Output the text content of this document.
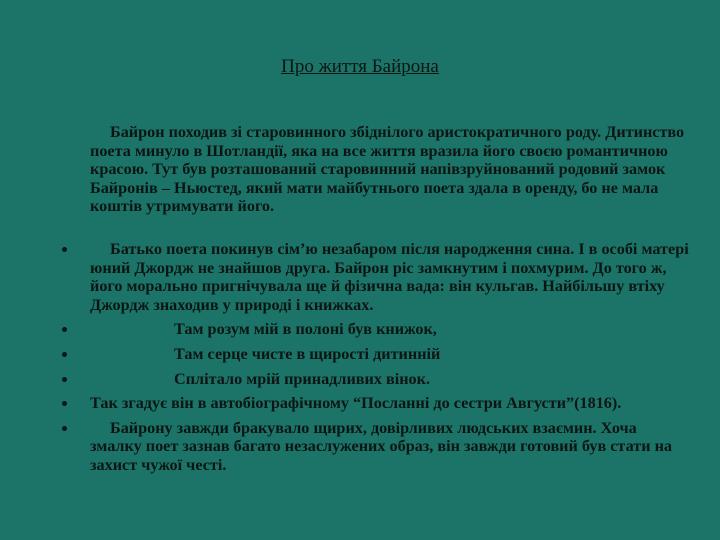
Про життя Байрона
Байрон походив зі старовинного збіднілого аристократичного роду. Дитинство поета минуло в Шотландії, яка на все життя вразила його своєю романтичною красою. Тут був розташований старовинний напівзруйнований родовий замок Байронів – Ньюстед, який мати майбутнього поета здала в оренду, бо не мала коштів утримувати його.
Батько поета покинув сім’ю незабаром після народження сина. І в особі матері юний Джордж не знайшов друга. Байрон ріс замкнутим і похмурим. До того ж, його морально пригнічувала ще й фізична вада: він кульгав. Найбільшу втіху Джордж знаходив у природі і книжках.
Там розум мій в полоні був книжок,
Там серце чисте в щирості дитинній
Сплітало мрій принадливих вінок.
Так згадує він в автобіографічному “Посланні до сестри Августи”(1816).
Байрону завжди бракувало щирих, довірливих людських взаємин. Хоча змалку поет зазнав багато незаслужених образ, він завжди готовий був стати на захист чужої честі.
